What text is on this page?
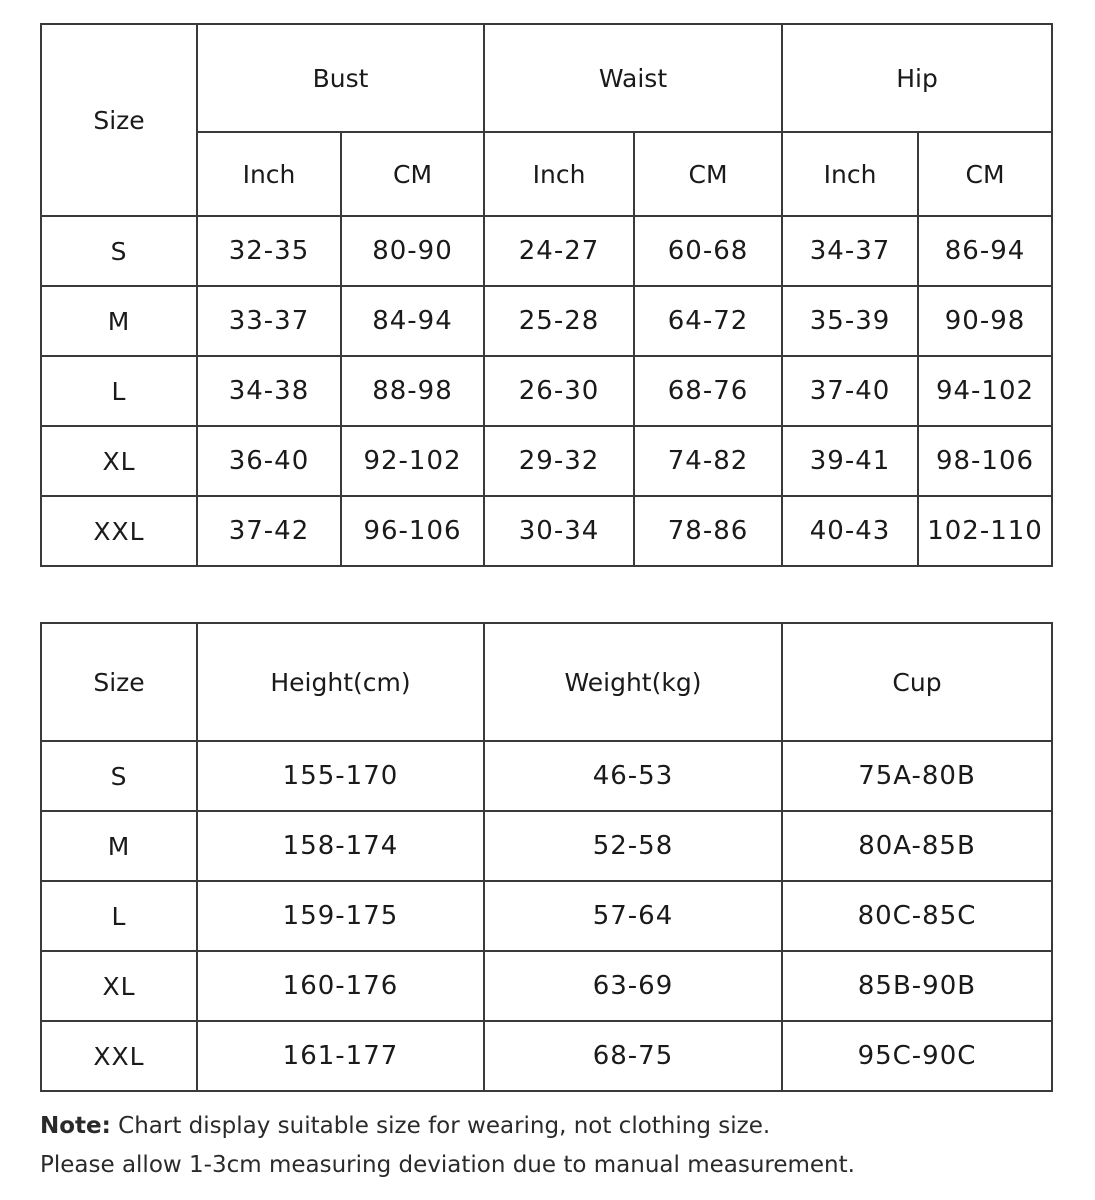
Size	Bust		Waist		Hip	
	Inch	CM	Inch	CM	Inch	CM
S	32-35	80-90	24-27	60-68	34-37	86-94
M	33-37	84-94	25-28	64-72	35-39	90-98
L	34-38	88-98	26-30	68-76	37-40	94-102
XL	36-40	92-102	29-32	74-82	39-41	98-106
XXL	37-42	96-106	30-34	78-86	40-43	102-110
Size	Height(cm)	Weight(kg)	Cup
S	155-170	46-53	75A-80B
M	158-174	52-58	80A-85B
L	159-175	57-64	80C-85C
XL	160-176	63-69	85B-90B
XXL	161-177	68-75	95C-90C
Note: Chart display suitable size for wearing, not clothing size.
Please allow 1-3cm measuring deviation due to manual measurement.
